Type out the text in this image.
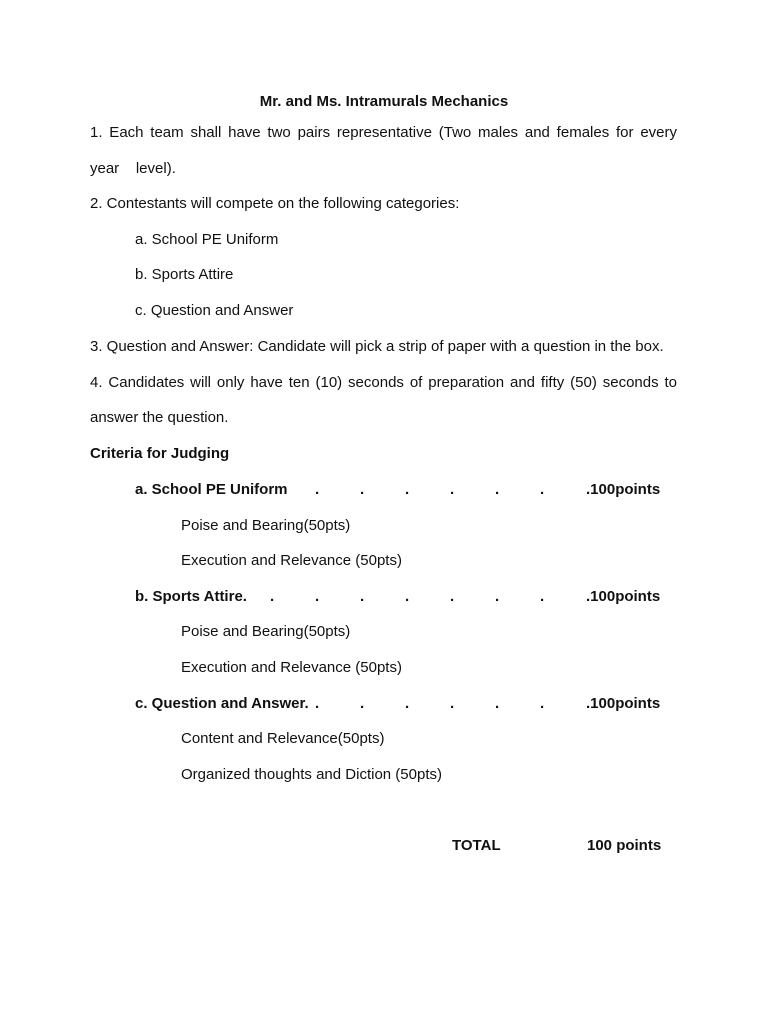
Mr. and Ms. Intramurals Mechanics
1. Each team shall have two pairs representative (Two males and females for every
year    level).
2. Contestants will compete on the following categories:
a. School PE Uniform
b. Sports Attire
c. Question and Answer
3. Question and Answer: Candidate will pick a strip of paper with a question in the box.
4. Candidates will only have ten (10) seconds of preparation and fifty (50) seconds to
answer the question.
Criteria for Judging
a. School PE Uniform .	.	.	.	.	.	.100points
Poise and Bearing(50pts)
Execution and Relevance (50pts)
b. Sports Attire. .	.	.	.	.	.	.	.100points
Poise and Bearing(50pts)
Execution and Relevance (50pts)
c. Question and Answer. .	.	.	.	.	.	.100points
Content and Relevance(50pts)
Organized thoughts and Diction (50pts)
TOTAL	100 points
